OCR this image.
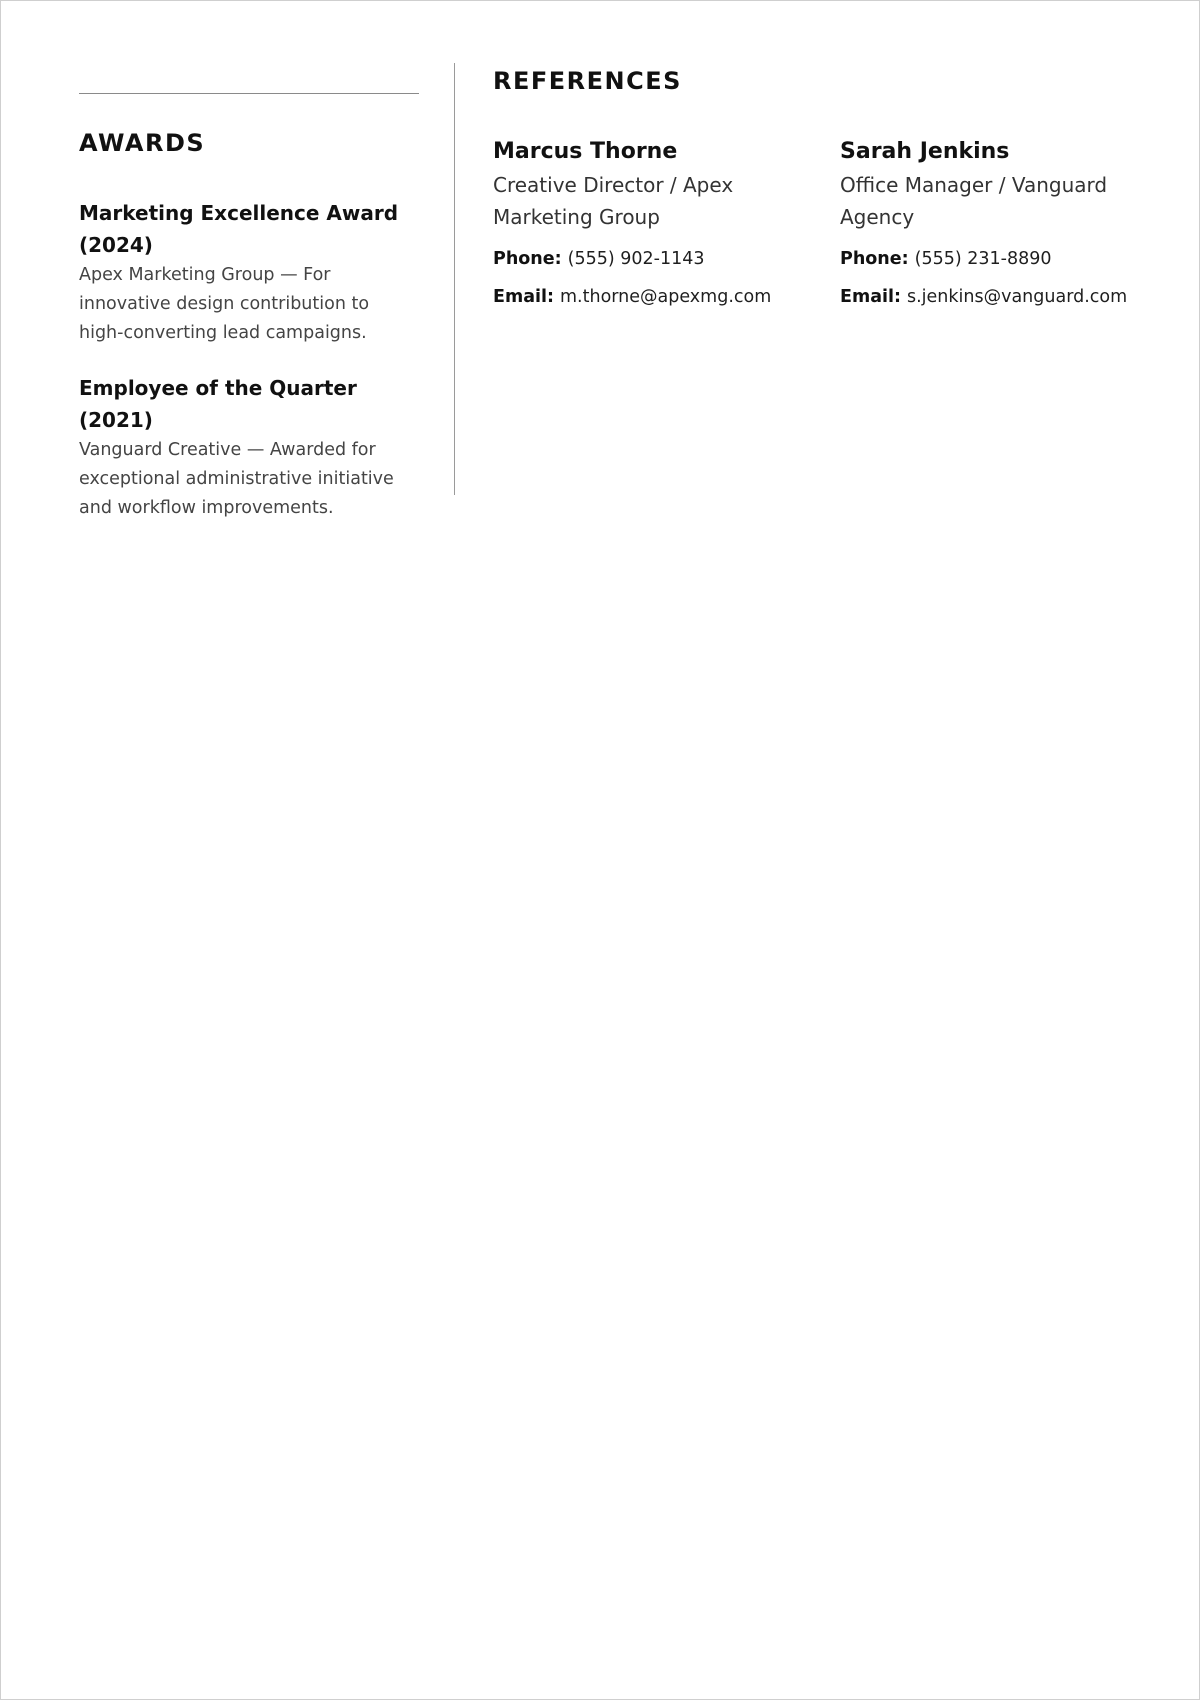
AWARDS
Marketing Excellence Award (2024)
Apex Marketing Group — For innovative design contribution to high-converting lead campaigns.
Employee of the Quarter (2021)
Vanguard Creative — Awarded for exceptional administrative initiative and workflow improvements.
REFERENCES
Marcus Thorne
Creative Director / Apex Marketing Group
Phone: (555) 902-1143
Email: m.thorne@apexmg.com
Sarah Jenkins
Office Manager / Vanguard Agency
Phone: (555) 231-8890
Email: s.jenkins@vanguard.com
